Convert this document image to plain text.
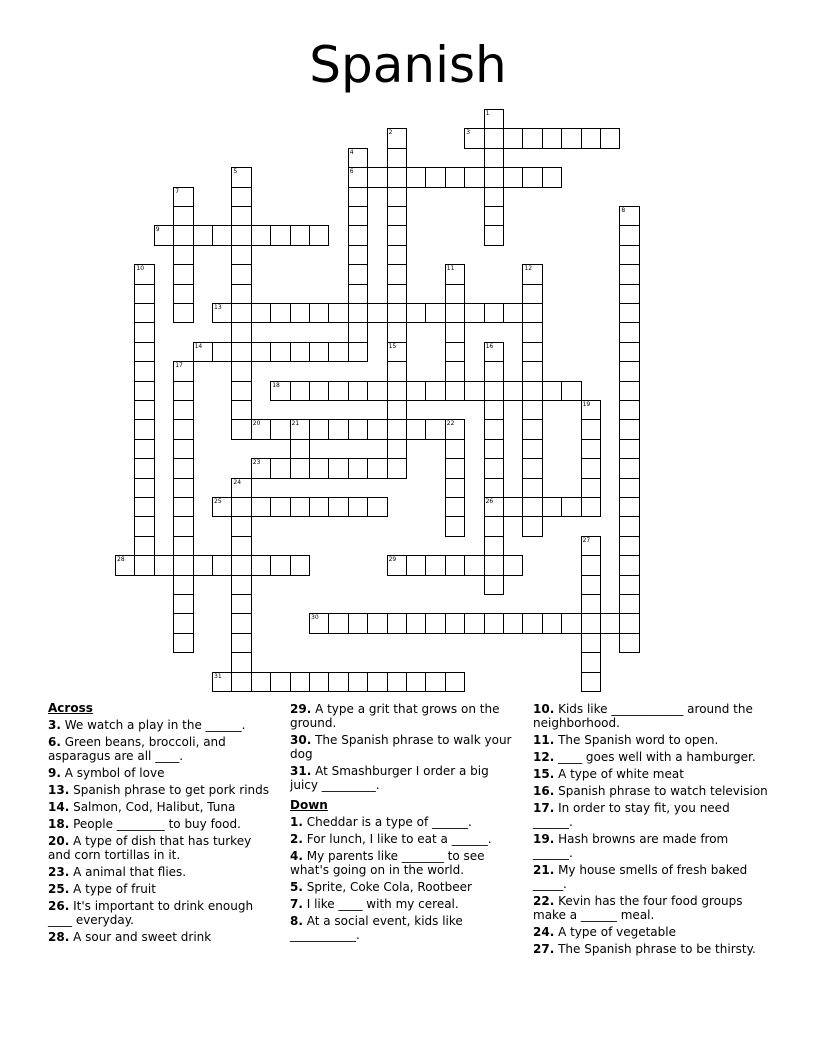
Spanish
1
2	3
4
5	6
7
8
9
10	11	12
13
14	15	16
17
18
19
20	21	22
23
24
25	26
27
28	29
30
31
Across
3. We watch a play in the ______.
6. Green beans, broccoli, and asparagus are all ____.
9. A symbol of love
13. Spanish phrase to get pork rinds
14. Salmon, Cod, Halibut, Tuna
18. People ________ to buy food.
20. A type of dish that has turkey and corn tortillas in it.
23. A animal that flies.
25. A type of fruit
26. It's important to drink enough ____ everyday.
28. A sour and sweet drink
29. A type a grit that grows on the ground.
30. The Spanish phrase to walk your dog
31. At Smashburger I order a big juicy _________.
Down
1. Cheddar is a type of ______.
2. For lunch, I like to eat a ______.
4. My parents like _______ to see what's going on in the world.
5. Sprite, Coke Cola, Rootbeer
7. I like ____ with my cereal.
8. At a social event, kids like ___________.
10. Kids like ____________ around the neighborhood.
11. The Spanish word to open.
12. ____ goes well with a hamburger.
15. A type of white meat
16. Spanish phrase to watch television
17. In order to stay fit, you need ______.
19. Hash browns are made from ______.
21. My house smells of fresh baked _____.
22. Kevin has the four food groups make a ______ meal.
24. A type of vegetable
27. The Spanish phrase to be thirsty.
